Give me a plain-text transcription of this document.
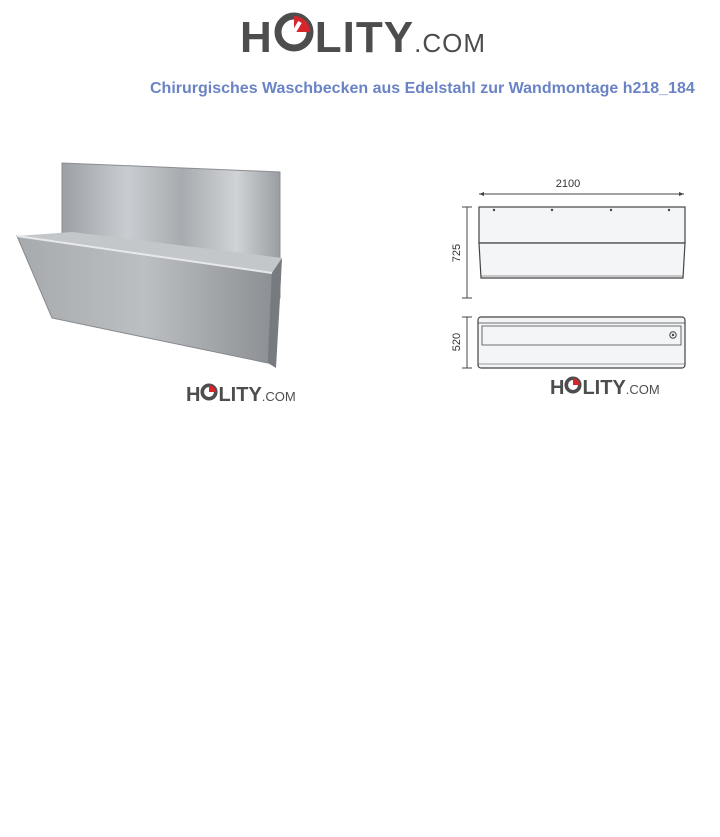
H LITY .COM
Chirurgisches Waschbecken aus Edelstahl zur Wandmontage h218_184
H LITY .COM
2100
725
520
H LITY .COM
